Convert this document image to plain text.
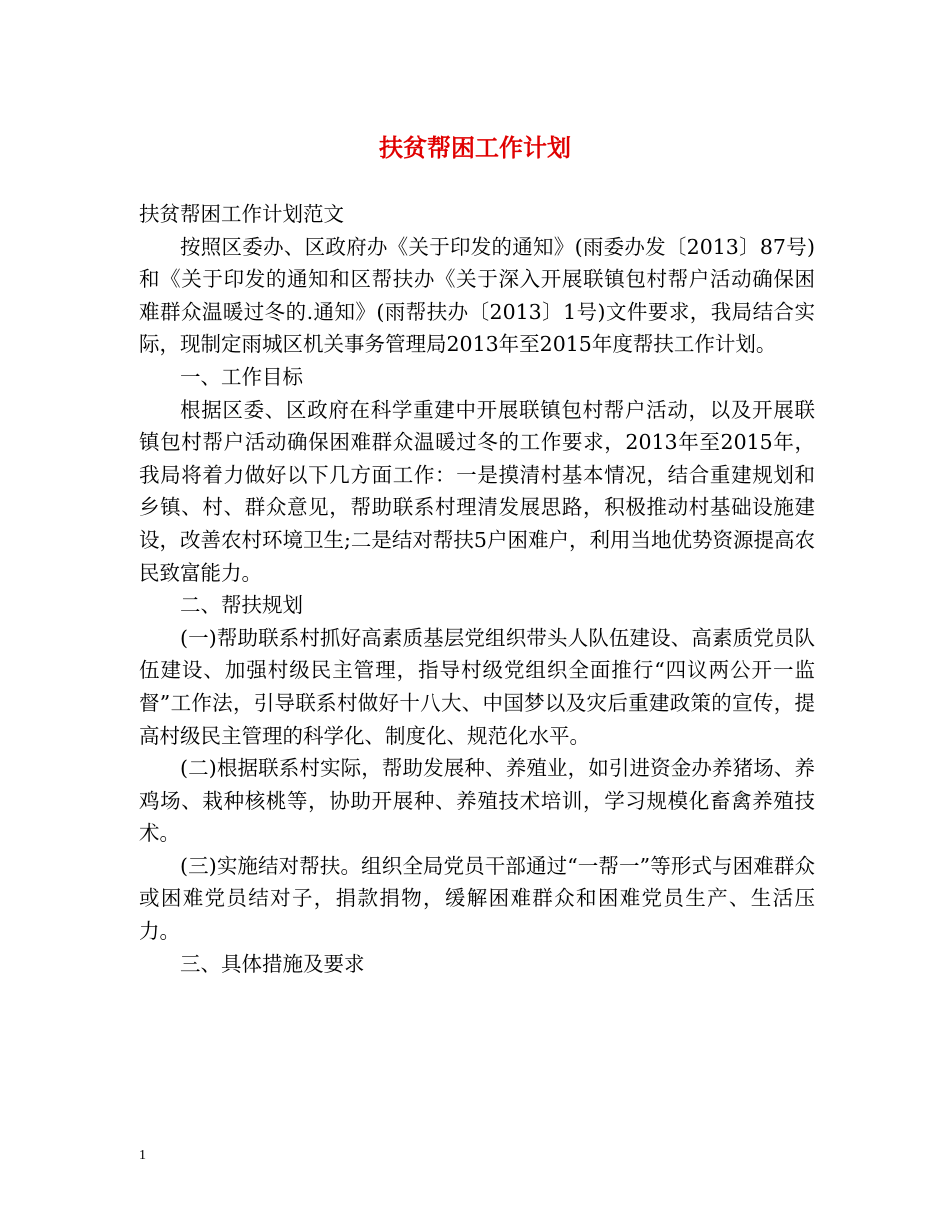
扶贫帮困工作计划

扶贫帮困工作计划范文

按照区委办、区政府办《关于印发的通知》(雨委办发〔2013〕87号)和《关于印发的通知和区帮扶办《关于深入开展联镇包村帮户活动确保困难群众温暖过冬的.通知》(雨帮扶办〔2013〕1号)文件要求，我局结合实际，现制定雨城区机关事务管理局2013年至2015年度帮扶工作计划。

一、工作目标

根据区委、区政府在科学重建中开展联镇包村帮户活动，以及开展联镇包村帮户活动确保困难群众温暖过冬的工作要求，2013年至2015年，我局将着力做好以下几方面工作：一是摸清村基本情况，结合重建规划和乡镇、村、群众意见，帮助联系村理清发展思路，积极推动村基础设施建设，改善农村环境卫生;二是结对帮扶5户困难户，利用当地优势资源提高农民致富能力。

二、帮扶规划

(一)帮助联系村抓好高素质基层党组织带头人队伍建设、高素质党员队伍建设、加强村级民主管理，指导村级党组织全面推行“四议两公开一监督”工作法，引导联系村做好十八大、中国梦以及灾后重建政策的宣传，提高村级民主管理的科学化、制度化、规范化水平。

(二)根据联系村实际，帮助发展种、养殖业，如引进资金办养猪场、养鸡场、栽种核桃等，协助开展种、养殖技术培训，学习规模化畜禽养殖技术。

(三)实施结对帮扶。组织全局党员干部通过“一帮一”等形式与困难群众或困难党员结对子，捐款捐物，缓解困难群众和困难党员生产、生活压力。

三、具体措施及要求

1
